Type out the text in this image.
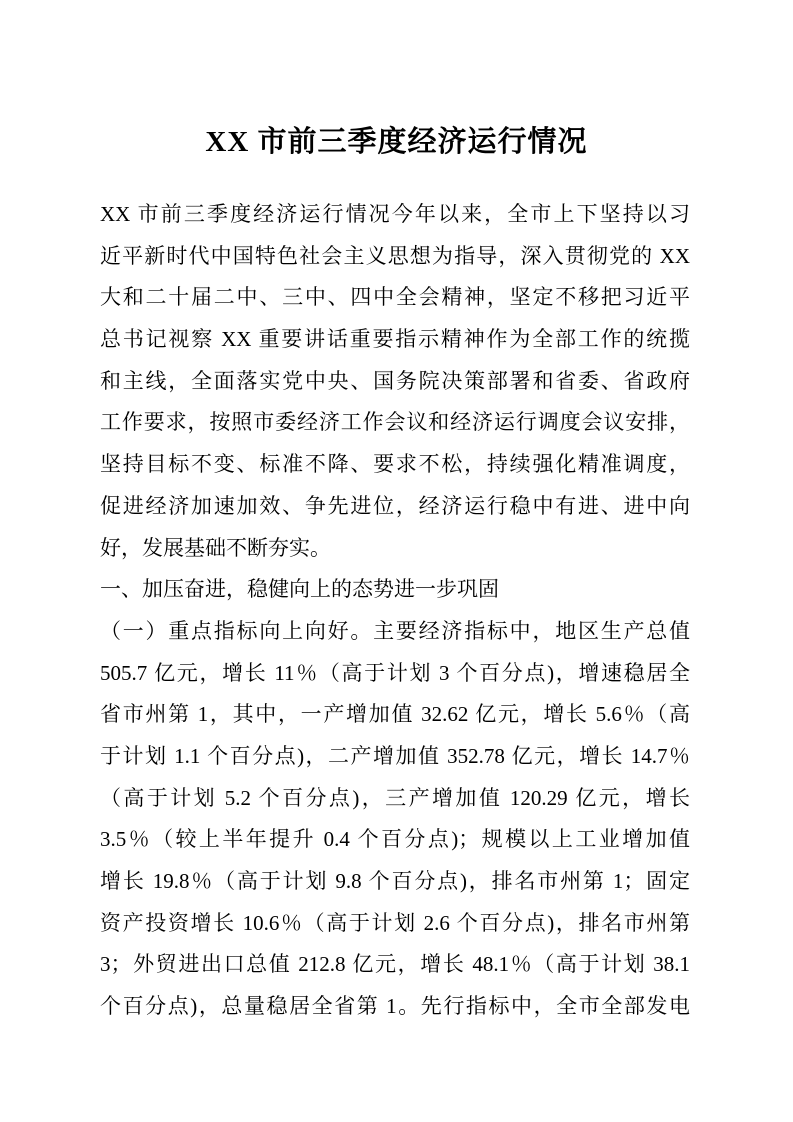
XX 市前三季度经济运行情况
XX 市前三季度经济运行情况今年以来，全市上下坚持以习
近平新时代中国特色社会主义思想为指导，深入贯彻党的 XX
大和二十届二中、三中、四中全会精神，坚定不移把习近平
总书记视察 XX 重要讲话重要指示精神作为全部工作的统揽
和主线，全面落实党中央、国务院决策部署和省委、省政府
工作要求，按照市委经济工作会议和经济运行调度会议安排，
坚持目标不变、标准不降、要求不松，持续强化精准调度，
促进经济加速加效、争先进位，经济运行稳中有进、进中向
好，发展基础不断夯实。
一、加压奋进，稳健向上的态势进一步巩固
（一）重点指标向上向好。主要经济指标中，地区生产总值
505.7 亿元，增长 11％（高于计划 3 个百分点)，增速稳居全
省市州第 1，其中，一产增加值 32.62 亿元，增长 5.6％（高
于计划 1.1 个百分点)，二产增加值 352.78 亿元，增长 14.7％
（高于计划 5.2 个百分点)，三产增加值 120.29 亿元，增长
3.5％（较上半年提升 0.4 个百分点)；规模以上工业增加值
增长 19.8％（高于计划 9.8 个百分点)，排名市州第 1；固定
资产投资增长 10.6％（高于计划 2.6 个百分点)，排名市州第
3；外贸进出口总值 212.8 亿元，增长 48.1％（高于计划 38.1
个百分点)，总量稳居全省第 1。先行指标中，全市全部发电
